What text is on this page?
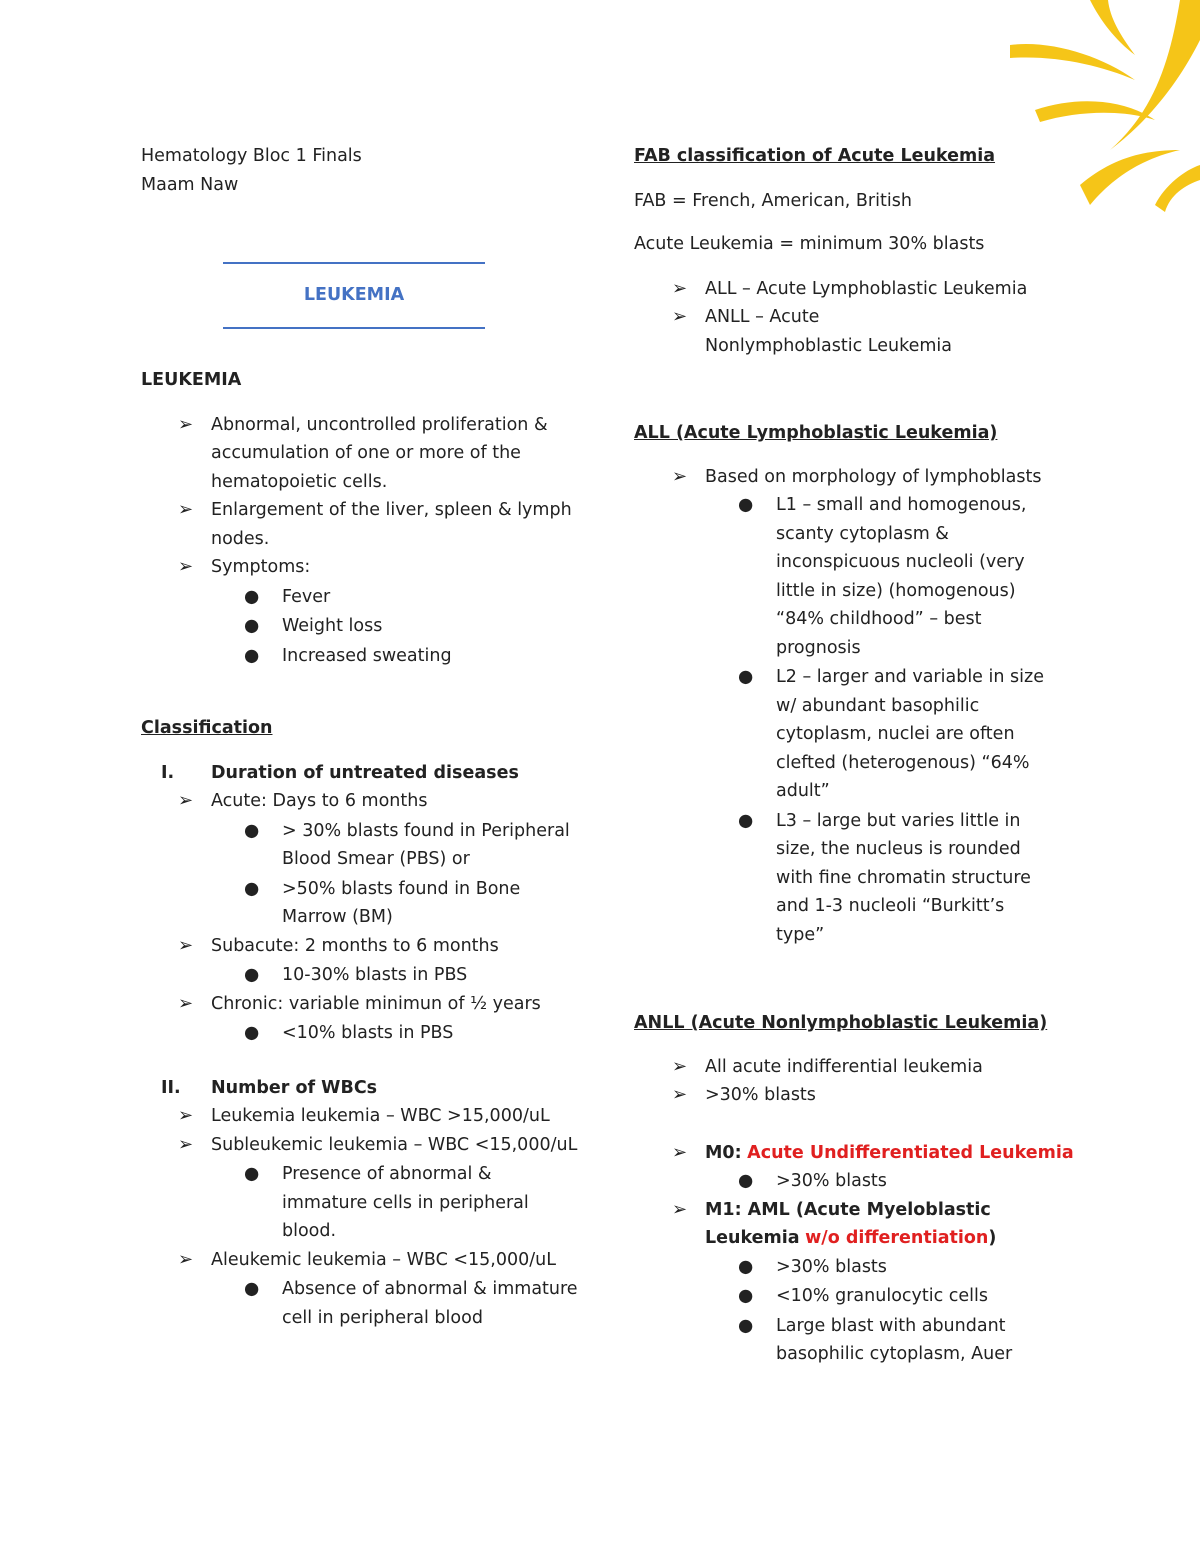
Hematology Bloc 1 Finals
Maam Naw
LEUKEMIA
LEUKEMIA
➢ Abnormal, uncontrolled proliferation & accumulation of one or more of the hematopoietic cells.
➢ Enlargement of the liver, spleen & lymph nodes.
➢ Symptoms:
● Fever
● Weight loss
● Increased sweating
Classification
I. Duration of untreated diseases
➢ Acute: Days to 6 months
● > 30% blasts found in Peripheral Blood Smear (PBS) or
● >50% blasts found in Bone Marrow (BM)
➢ Subacute: 2 months to 6 months
● 10-30% blasts in PBS
➢ Chronic: variable minimun of ½ years
● <10% blasts in PBS
II. Number of WBCs
➢ Leukemia leukemia – WBC >15,000/uL
➢ Subleukemic leukemia – WBC <15,000/uL
● Presence of abnormal & immature cells in peripheral blood.
➢ Aleukemic leukemia – WBC <15,000/uL
● Absence of abnormal & immature cell in peripheral blood
FAB classification of Acute Leukemia
FAB = French, American, British
Acute Leukemia = minimum 30% blasts
➢ ALL – Acute Lymphoblastic Leukemia
➢ ANLL – Acute Nonlymphoblastic Leukemia
ALL (Acute Lymphoblastic Leukemia)
➢ Based on morphology of lymphoblasts
● L1 – small and homogenous, scanty cytoplasm & inconspicuous nucleoli (very little in size) (homogenous) “84% childhood” – best prognosis
● L2 – larger and variable in size w/ abundant basophilic cytoplasm, nuclei are often clefted (heterogenous) “64% adult”
● L3 – large but varies little in size, the nucleus is rounded with fine chromatin structure and 1-3 nucleoli “Burkitt’s type”
ANLL (Acute Nonlymphoblastic Leukemia)
➢ All acute indifferential leukemia
➢ >30% blasts
➢ M0: Acute Undifferentiated Leukemia
● >30% blasts
➢ M1: AML (Acute Myeloblastic Leukemia w/o differentiation)
● >30% blasts
● <10% granulocytic cells
● Large blast with abundant basophilic cytoplasm, Auer
